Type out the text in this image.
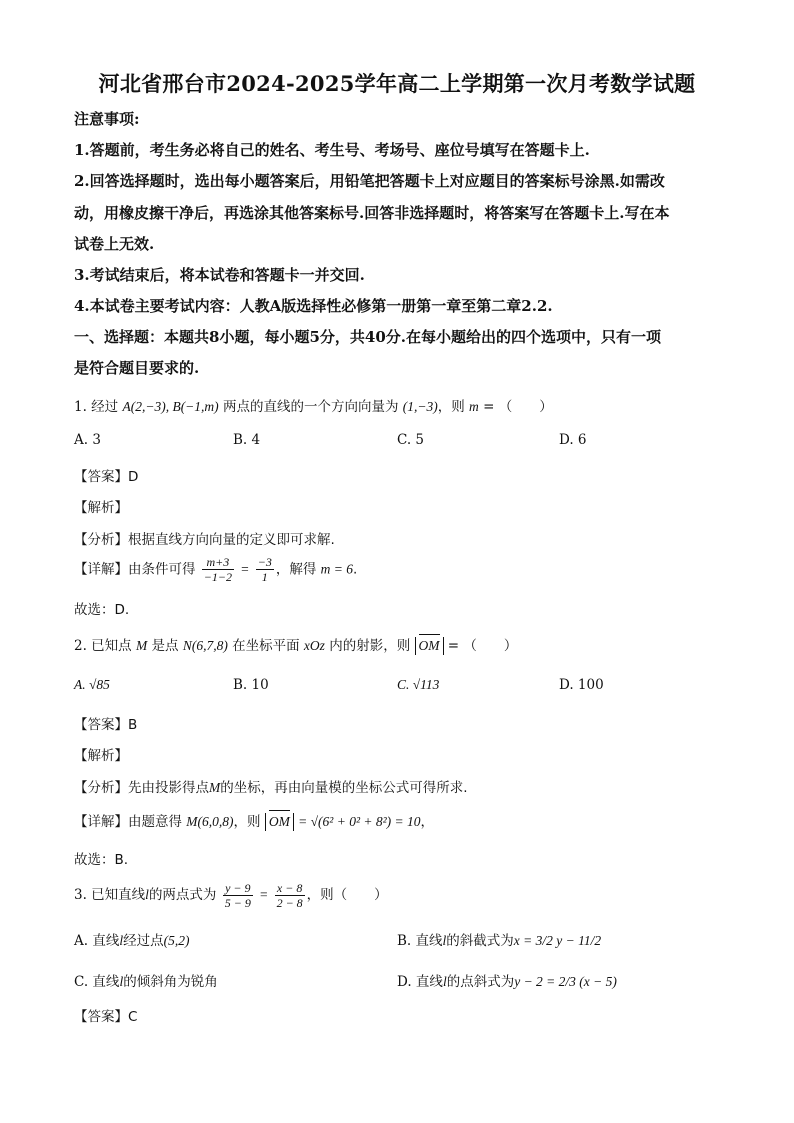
河北省邢台市2024-2025学年高二上学期第一次月考数学试题
注意事项:
1.答题前，考生务必将自己的姓名、考生号、考场号、座位号填写在答题卡上.
2.回答选择题时，选出每小题答案后，用铅笔把答题卡上对应题目的答案标号涂黑.如需改
动，用橡皮擦干净后，再选涂其他答案标号.回答非选择题时，将答案写在答题卡上.写在本
试卷上无效.
3.考试结束后，将本试卷和答题卡一并交回.
4.本试卷主要考试内容：人教A版选择性必修第一册第一章至第二章2.2.
一、选择题：本题共8小题，每小题5分，共40分.在每小题给出的四个选项中，只有一项
是符合题目要求的.
1. 经过 A(2,−3), B(−1,m) 两点的直线的一个方向向量为 (1,−3)，则 m = （　　）
A. 3	B. 4	C. 5	D. 6
【答案】D
【解析】
【分析】根据直线方向向量的定义即可求解.
【详解】由条件可得 $\frac{m+3}{-1-2} = \frac{-3}{1}$ ，解得 m = 6.
故选：D.
2. 已知点 M 是点 N(6,7,8) 在坐标平面 xOz 内的射影，则 OM = （　　）
A. √85	B. 10	C. √113	D. 100
【答案】B
【解析】
【分析】先由投影得点M的坐标，再由向量模的坐标公式可得所求.
【详解】由题意得 M(6,0,8)，则 OM = √(6² + 0² + 8²) = 10，
故选：B.
3. 已知直线l的两点式为 $\frac{y - 9}{5 - 9} = \frac{x - 8}{2 - 8}$ ，则（　　）
A. 直线l经过点(5,2)	B. 直线l的斜截式为x = 3/2 y − 11/2
C. 直线l的倾斜角为锐角	D. 直线l的点斜式为y − 2 = 2/3 (x − 5)
【答案】C
